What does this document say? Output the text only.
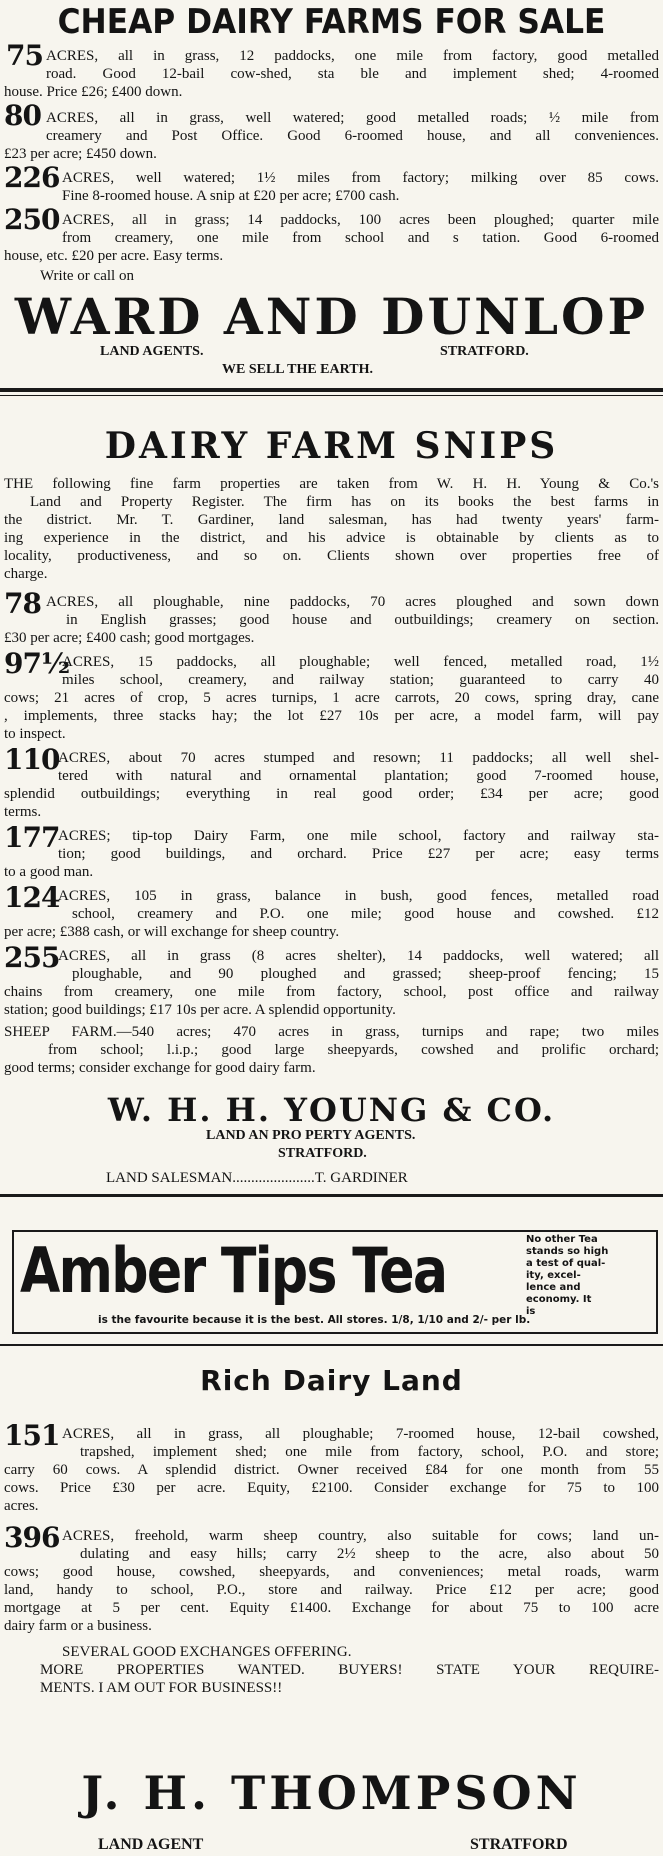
CHEAP DAIRY FARMS FOR SALE
75 ACRES, all in grass, 12 paddocks, one mile from factory, good metalled
road. Good 12-bail cow-shed, sta ble and implement shed; 4-roomed
house. Price £26; £400 down.
80 ACRES, all in grass, well watered; good metalled roads; ½ mile from
creamery and Post Office. Good 6-roomed house, and all conveniences.
£23 per acre; £450 down.
226 ACRES, well watered; 1½ miles from factory; milking over 85 cows.
Fine 8-roomed house. A snip at £20 per acre; £700 cash.
250 ACRES, all in grass; 14 paddocks, 100 acres been ploughed; quarter mile
from creamery, one mile from school and s tation. Good 6-roomed
house, etc. £20 per acre. Easy terms.
Write or call on
WARD AND DUNLOP
LAND AGENTS.	STRATFORD.
WE SELL THE EARTH.
DAIRY FARM SNIPS
THE following fine farm properties are taken from W. H. H. Young & Co.'s
Land and Property Register. The firm has on its books the best farms in
the district. Mr. T. Gardiner, land salesman, has had twenty years' farm-
ing experience in the district, and his advice is obtainable by clients as to
locality, productiveness, and so on. Clients shown over properties free of
charge.
78 ACRES, all ploughable, nine paddocks, 70 acres ploughed and sown down
in English grasses; good house and outbuildings; creamery on section.
£30 per acre; £400 cash; good mortgages.
97½
ACRES, 15 paddocks, all ploughable; well fenced, metalled road, 1½
miles school, creamery, and railway station; guaranteed to carry 40
cows; 21 acres of crop, 5 acres turnips, 1 acre carrots, 20 cows, spring dray, cane
, implements, three stacks hay; the lot £27 10s per acre, a model farm, will pay
to inspect.
110
ACRES, about 70 acres stumped and resown; 11 paddocks; all well shel-
tered with natural and ornamental plantation; good 7-roomed house,
splendid outbuildings; everything in real good order; £34 per acre; good
terms.
177
ACRES; tip-top Dairy Farm, one mile school, factory and railway sta-
tion; good buildings, and orchard. Price £27 per acre; easy terms
to a good man.
124
ACRES, 105 in grass, balance in bush, good fences, metalled road
school, creamery and P.O. one mile; good house and cowshed. £12
per acre; £388 cash, or will exchange for sheep country.
255
ACRES, all in grass (8 acres shelter), 14 paddocks, well watered; all
ploughable, and 90 ploughed and grassed; sheep-proof fencing; 15
chains from creamery, one mile from factory, school, post office and railway
station; good buildings; £17 10s per acre. A splendid opportunity.
SHEEP FARM.—540 acres; 470 acres in grass, turnips and rape; two miles
from school; l.i.p.; good large sheepyards, cowshed and prolific orchard;
good terms; consider exchange for good dairy farm.
W. H. H. YOUNG & CO.
LAND AN PRO PERTY AGENTS.
STRATFORD.
LAND SALESMAN......................T. GARDINER
Amber Tips Tea	No other Tea
stands so high
a test of qual-
ity, excel-
lence and
economy. It
is
is the favourite because it is the best. All stores. 1/8, 1/10 and 2/- per lb.
Rich Dairy Land
151 ACRES, all in grass, all ploughable; 7-roomed house, 12-bail cowshed,
trapshed, implement shed; one mile from factory, school, P.O. and store;
carry 60 cows. A splendid district. Owner received £84 for one month from 55
cows. Price £30 per acre. Equity, £2100. Consider exchange for 75 to 100
acres.
396 ACRES, freehold, warm sheep country, also suitable for cows; land un-
dulating and easy hills; carry 2½ sheep to the acre, also about 50
cows; good house, cowshed, sheepyards, and conveniences; metal roads, warm
land, handy to school, P.O., store and railway. Price £12 per acre; good
mortgage at 5 per cent. Equity £1400. Exchange for about 75 to 100 acre
dairy farm or a business.
SEVERAL GOOD EXCHANGES OFFERING.
MORE PROPERTIES WANTED. BUYERS! STATE YOUR REQUIRE-
MENTS. I AM OUT FOR BUSINESS!!
J. H. THOMPSON
LAND AGENT	STRATFORD
